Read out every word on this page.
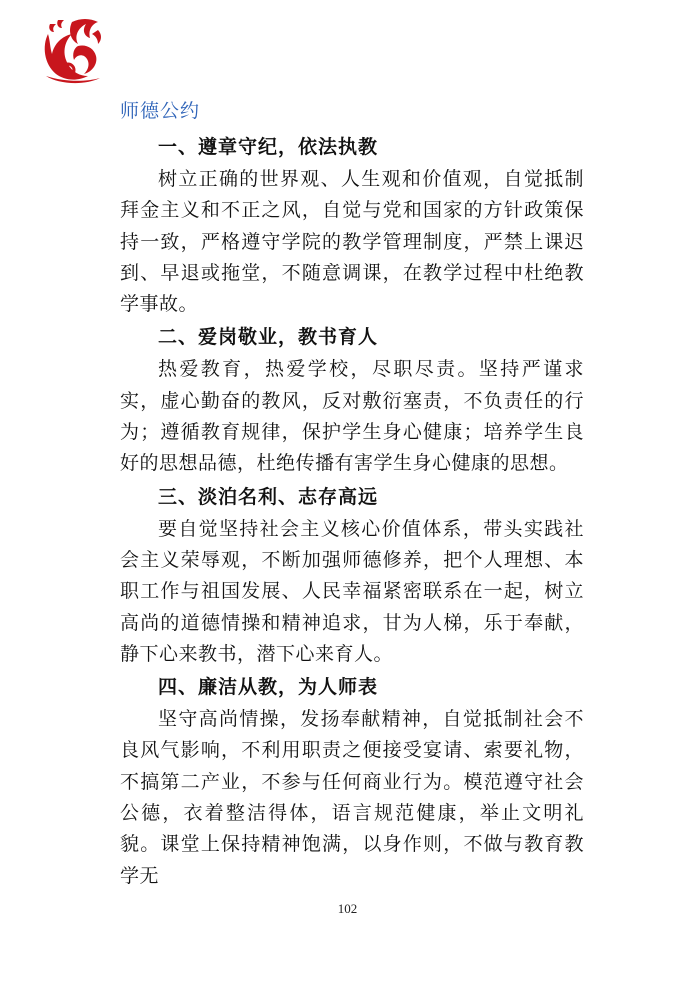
师德公约
一、遵章守纪，依法执教

树立正确的世界观、人生观和价值观，自觉抵制拜金主义和不正之风，自觉与党和国家的方针政策保持一致，严格遵守学院的教学管理制度，严禁上课迟到、早退或拖堂，不随意调课，在教学过程中杜绝教学事故。

二、爱岗敬业，教书育人

热爱教育，热爱学校，尽职尽责。坚持严谨求实，虚心勤奋的教风，反对敷衍塞责，不负责任的行为；遵循教育规律，保护学生身心健康；培养学生良好的思想品德，杜绝传播有害学生身心健康的思想。

三、淡泊名利、志存高远

要自觉坚持社会主义核心价值体系，带头实践社会主义荣辱观，不断加强师德修养，把个人理想、本职工作与祖国发展、人民幸福紧密联系在一起，树立高尚的道德情操和精神追求，甘为人梯，乐于奉献，静下心来教书，潜下心来育人。

四、廉洁从教，为人师表

坚守高尚情操，发扬奉献精神，自觉抵制社会不良风气影响，不利用职责之便接受宴请、索要礼物，不搞第二产业，不参与任何商业行为。模范遵守社会公德，衣着整洁得体，语言规范健康，举止文明礼貌。课堂上保持精神饱满，以身作则，不做与教育教学无

102
